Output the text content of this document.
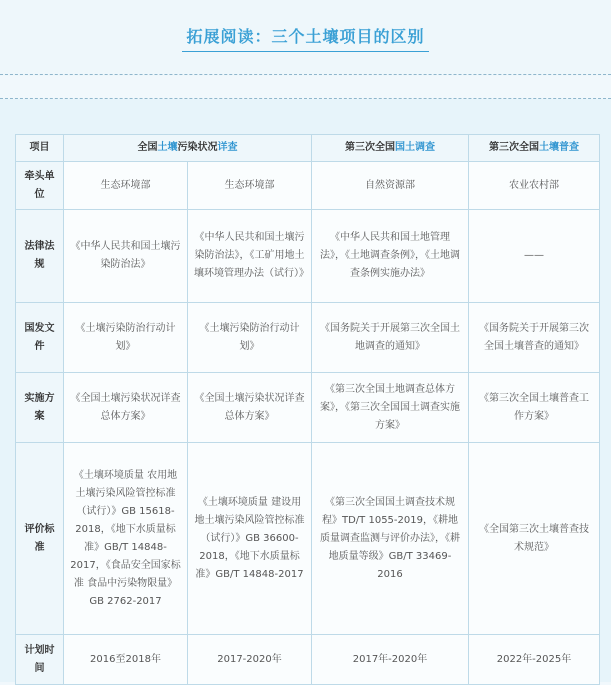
拓展阅读：三个土壤项目的区别
项目	全国土壤污染状况详查		第三次全国国土调查	第三次全国土壤普查
牵头单位	生态环境部	生态环境部	自然资源部	农业农村部
法律法规	《中华人民共和国土壤污染防治法》	《中华人民共和国土壤污染防治法》，《工矿用地土壤环境管理办法（试行）》	《中华人民共和国土地管理法》，《土地调查条例》，《土地调查条例实施办法》	——
国发文件	《土壤污染防治行动计划》	《土壤污染防治行动计划》	《国务院关于开展第三次全国土地调查的通知》	《国务院关于开展第三次全国土壤普查的通知》
实施方案	《全国土壤污染状况详查总体方案》	《全国土壤污染状况详查总体方案》	《第三次全国土地调查总体方案》，《第三次全国国土调查实施方案》	《第三次全国土壤普查工作方案》
评价标准	《土壤环境质量 农用地土壤污染风险管控标准（试行）》GB 15618-2018，《地下水质量标准》GB/T 14848-2017，《食品安全国家标准 食品中污染物限量》GB 2762-2017	《土壤环境质量 建设用地土壤污染风险管控标准（试行）》GB 36600-2018，《地下水质量标准》GB/T 14848-2017	《第三次全国国土调查技术规程》TD/T 1055-2019，《耕地质量调查监测与评价办法》，《耕地质量等级》GB/T 33469-2016	《全国第三次土壤普查技术规范》
计划时间	2016至2018年	2017-2020年	2017年-2020年	2022年-2025年
